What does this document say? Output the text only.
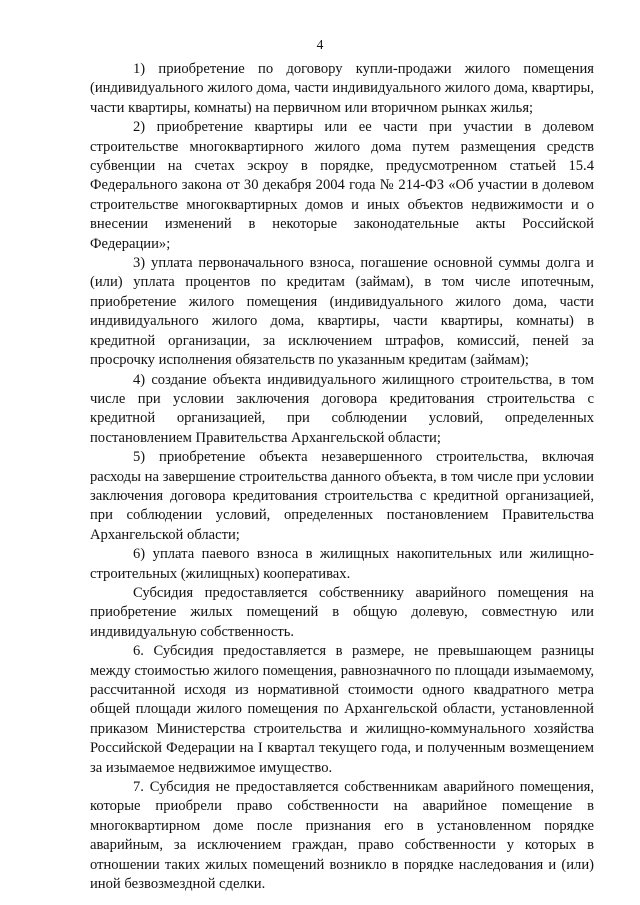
4

1) приобретение по договору купли-продажи жилого помещения (индивидуального жилого дома, части индивидуального жилого дома, квартиры, части квартиры, комнаты) на первичном или вторичном рынках жилья;

2) приобретение квартиры или ее части при участии в долевом строительстве многоквартирного жилого дома путем размещения средств субвенции на счетах эскроу в порядке, предусмотренном статьей 15.4 Федерального закона от 30 декабря 2004 года № 214-ФЗ «Об участии в долевом строительстве многоквартирных домов и иных объектов недвижимости и о внесении изменений в некоторые законодательные акты Российской Федерации»;

3) уплата первоначального взноса, погашение основной суммы долга и (или) уплата процентов по кредитам (займам), в том числе ипотечным, приобретение жилого помещения (индивидуального жилого дома, части индивидуального жилого дома, квартиры, части квартиры, комнаты) в кредитной организации, за исключением штрафов, комиссий, пеней за просрочку исполнения обязательств по указанным кредитам (займам);

4) создание объекта индивидуального жилищного строительства, в том числе при условии заключения договора кредитования строительства с кредитной организацией, при соблюдении условий, определенных постановлением Правительства Архангельской области;

5) приобретение объекта незавершенного строительства, включая расходы на завершение строительства данного объекта, в том числе при условии заключения договора кредитования строительства с кредитной организацией, при соблюдении условий, определенных постановлением Правительства Архангельской области;

6) уплата паевого взноса в жилищных накопительных или жилищно-строительных (жилищных) кооперативах.

Субсидия предоставляется собственнику аварийного помещения на приобретение жилых помещений в общую долевую, совместную или индивидуальную собственность.

6. Субсидия предоставляется в размере, не превышающем разницы между стоимостью жилого помещения, равнозначного по площади изымаемому, рассчитанной исходя из нормативной стоимости одного квадратного метра общей площади жилого помещения по Архангельской области, установленной приказом Министерства строительства и жилищно-коммунального хозяйства Российской Федерации на I квартал текущего года, и полученным возмещением за изымаемое недвижимое имущество.

7. Субсидия не предоставляется собственникам аварийного помещения, которые приобрели право собственности на аварийное помещение в многоквартирном доме после признания его в установленном порядке аварийным, за исключением граждан, право собственности у которых в отношении таких жилых помещений возникло в порядке наследования и (или) иной безвозмездной сделки.
